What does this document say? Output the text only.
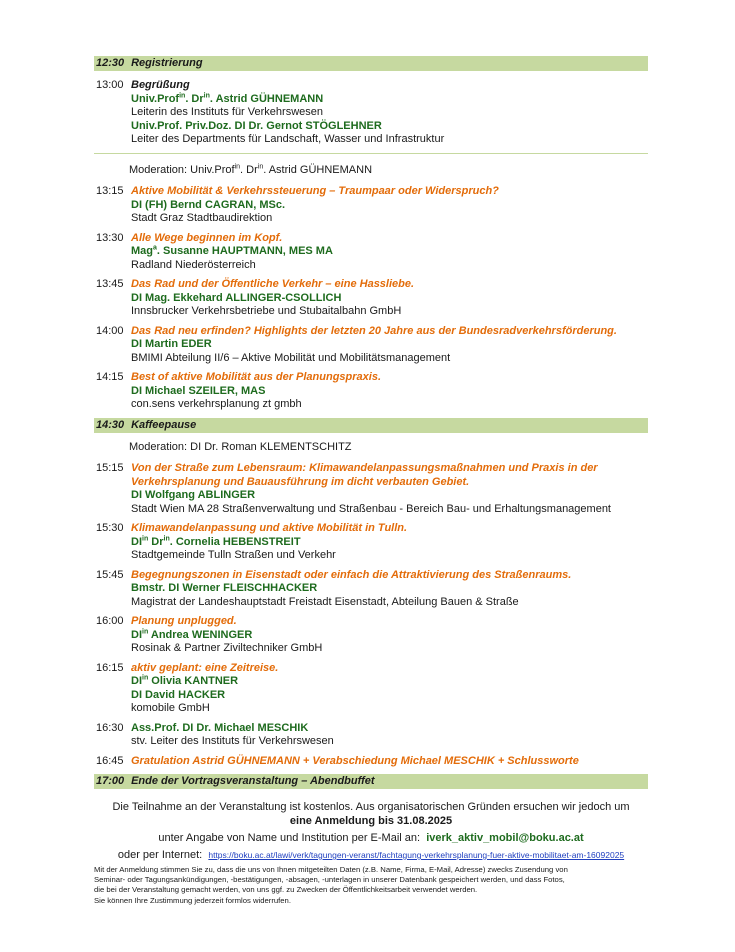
12:30 Registrierung
13:00 Begrüßung
Univ.Prof$^{in}$. $Dr^{in}$. Astrid GÜHNEMANN
Leiterin des Instituts für Verkehrswesen
Univ.Prof. Priv.Doz. DI Dr. Gernot STÖGLEHNER
Leiter des Departments für Landschaft, Wasser und Infrastruktur
Moderation: Univ.Prof$^{in}$. $Dr^{in}$. Astrid GÜHNEMANN
13:15 Aktive Mobilität & Verkehrssteuerung – Traumpaar oder Widerspruch?
DI (FH) Bernd CAGRAN, MSc.
Stadt Graz Stadtbaudirektion
13:30 Alle Wege beginnen im Kopf.
Mag$^a$. Susanne HAUPTMANN, MES MA
Radland Niederösterreich
13:45 Das Rad und der Öffentliche Verkehr – eine Hassliebe.
DI Mag. Ekkehard ALLINGER-CSOLLICH
Innsbrucker Verkehrsbetriebe und Stubaitalbahn GmbH
14:00 Das Rad neu erfinden? Highlights der letzten 20 Jahre aus der Bundesradverkehrsförderung.
DI Martin EDER
BMIMI Abteilung II/6 – Aktive Mobilität und Mobilitätsmanagement
14:15 Best of aktive Mobilität aus der Planungspraxis.
DI Michael SZEILER, MAS
con.sens verkehrsplanung zt gmbh
14:30 Kaffeepause
Moderation: DI Dr. Roman KLEMENTSCHITZ
15:15 Von der Straße zum Lebensraum: Klimawandelanpassungsmaßnahmen und Praxis in der
Verkehrsplanung und Bauausführung im dicht verbauten Gebiet.
DI Wolfgang ABLINGER
Stadt Wien MA 28 Straßenverwaltung und Straßenbau - Bereich Bau- und Erhaltungsmanagement
15:30 Klimawandelanpassung und aktive Mobilität in Tulln.
$DI^{in}$ $Dr^{in}$. Cornelia HEBENSTREIT
Stadtgemeinde Tulln Straßen und Verkehr
15:45 Begegnungszonen in Eisenstadt oder einfach die Attraktivierung des Straßenraums.
Bmstr. DI Werner FLEISCHHACKER
Magistrat der Landeshauptstadt Freistadt Eisenstadt, Abteilung Bauen & Straße
16:00 Planung unplugged.
$DI^{in}$ Andrea WENINGER
Rosinak & Partner Ziviltechniker GmbH
16:15 aktiv geplant: eine Zeitreise.
$DI^{in}$ Olivia KANTNER
DI David HACKER
komobile GmbH
16:30 Ass.Prof. DI Dr. Michael MESCHIK
stv. Leiter des Instituts für Verkehrswesen
16:45 Gratulation Astrid GÜHNEMANN + Verabschiedung Michael MESCHIK + Schlussworte
17:00 Ende der Vortragsveranstaltung – Abendbuffet
Die Teilnahme an der Veranstaltung ist kostenlos. Aus organisatorischen Gründen ersuchen wir jedoch um
eine Anmeldung bis 31.08.2025
unter Angabe von Name und Institution per E-Mail an: iverk_aktiv_mobil@boku.ac.at
oder per Internet: https://boku.ac.at/lawi/verk/tagungen-veranst/fachtagung-verkehrsplanung-fuer-aktive-mobilitaet-am-16092025
Mit der Anmeldung stimmen Sie zu, dass die uns von Ihnen mitgeteilten Daten (z.B. Name, Firma, E-Mail, Adresse) zwecks Zusendung von
Seminar- oder Tagungsankündigungen, -bestätigungen, -absagen, -unterlagen in unserer Datenbank gespeichert werden, und dass Fotos,
die bei der Veranstaltung gemacht werden, von uns ggf. zu Zwecken der Öffentlichkeitsarbeit verwendet werden.
Sie können Ihre Zustimmung jederzeit formlos widerrufen.
